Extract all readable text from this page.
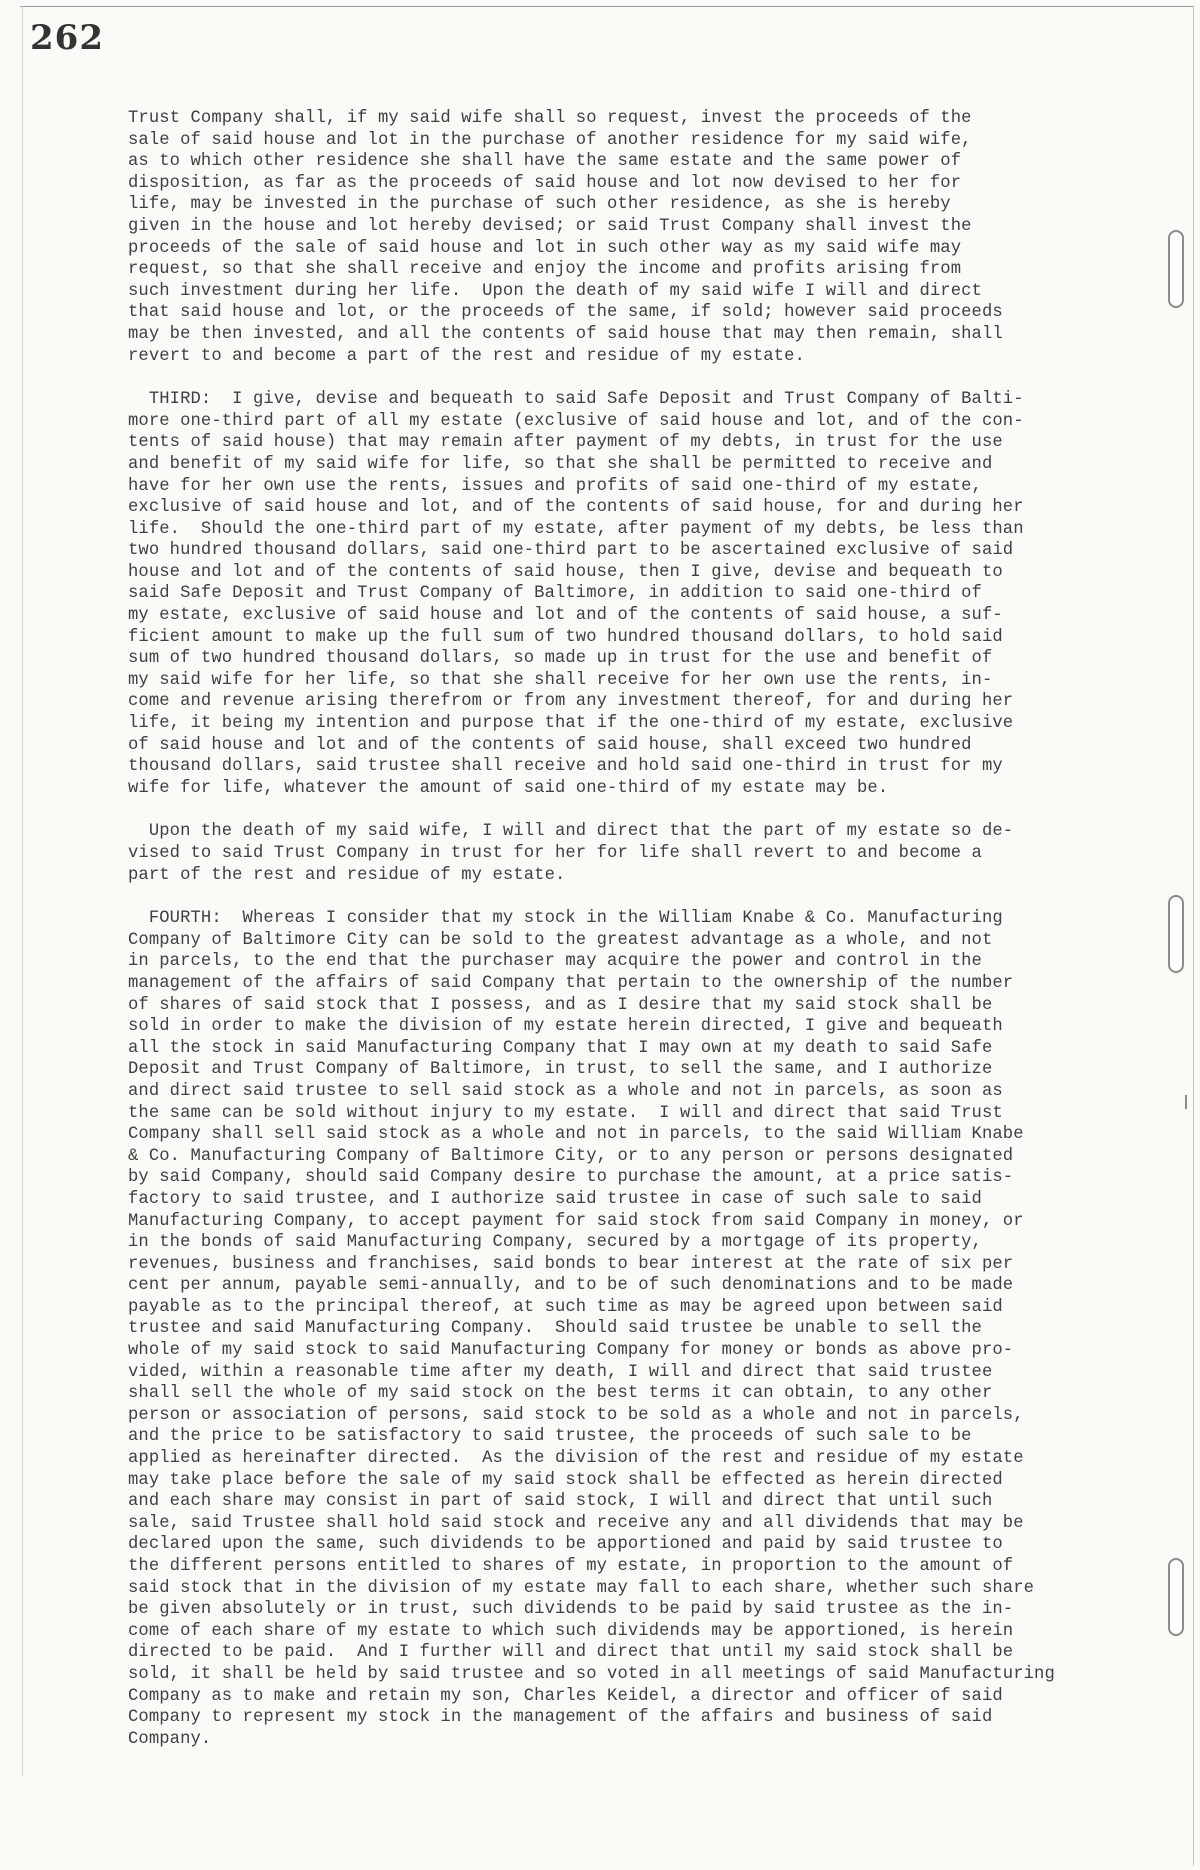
262
Trust Company shall, if my said wife shall so request, invest the proceeds of the
sale of said house and lot in the purchase of another residence for my said wife,
as to which other residence she shall have the same estate and the same power of
disposition, as far as the proceeds of said house and lot now devised to her for
life, may be invested in the purchase of such other residence, as she is hereby
given in the house and lot hereby devised; or said Trust Company shall invest the
proceeds of the sale of said house and lot in such other way as my said wife may
request, so that she shall receive and enjoy the income and profits arising from
such investment during her life.  Upon the death of my said wife I will and direct
that said house and lot, or the proceeds of the same, if sold; however said proceeds
may be then invested, and all the contents of said house that may then remain, shall
revert to and become a part of the rest and residue of my estate.
THIRD:  I give, devise and bequeath to said Safe Deposit and Trust Company of Balti-
more one-third part of all my estate (exclusive of said house and lot, and of the con-
tents of said house) that may remain after payment of my debts, in trust for the use
and benefit of my said wife for life, so that she shall be permitted to receive and
have for her own use the rents, issues and profits of said one-third of my estate,
exclusive of said house and lot, and of the contents of said house, for and during her
life.  Should the one-third part of my estate, after payment of my debts, be less than
two hundred thousand dollars, said one-third part to be ascertained exclusive of said
house and lot and of the contents of said house, then I give, devise and bequeath to
said Safe Deposit and Trust Company of Baltimore, in addition to said one-third of
my estate, exclusive of said house and lot and of the contents of said house, a suf-
ficient amount to make up the full sum of two hundred thousand dollars, to hold said
sum of two hundred thousand dollars, so made up in trust for the use and benefit of
my said wife for her life, so that she shall receive for her own use the rents, in-
come and revenue arising therefrom or from any investment thereof, for and during her
life, it being my intention and purpose that if the one-third of my estate, exclusive
of said house and lot and of the contents of said house, shall exceed two hundred
thousand dollars, said trustee shall receive and hold said one-third in trust for my
wife for life, whatever the amount of said one-third of my estate may be.
Upon the death of my said wife, I will and direct that the part of my estate so de-
vised to said Trust Company in trust for her for life shall revert to and become a
part of the rest and residue of my estate.
FOURTH:  Whereas I consider that my stock in the William Knabe & Co. Manufacturing
Company of Baltimore City can be sold to the greatest advantage as a whole, and not
in parcels, to the end that the purchaser may acquire the power and control in the
management of the affairs of said Company that pertain to the ownership of the number
of shares of said stock that I possess, and as I desire that my said stock shall be
sold in order to make the division of my estate herein directed, I give and bequeath
all the stock in said Manufacturing Company that I may own at my death to said Safe
Deposit and Trust Company of Baltimore, in trust, to sell the same, and I authorize
and direct said trustee to sell said stock as a whole and not in parcels, as soon as
the same can be sold without injury to my estate.  I will and direct that said Trust
Company shall sell said stock as a whole and not in parcels, to the said William Knabe
& Co. Manufacturing Company of Baltimore City, or to any person or persons designated
by said Company, should said Company desire to purchase the amount, at a price satis-
factory to said trustee, and I authorize said trustee in case of such sale to said
Manufacturing Company, to accept payment for said stock from said Company in money, or
in the bonds of said Manufacturing Company, secured by a mortgage of its property,
revenues, business and franchises, said bonds to bear interest at the rate of six per
cent per annum, payable semi-annually, and to be of such denominations and to be made
payable as to the principal thereof, at such time as may be agreed upon between said
trustee and said Manufacturing Company.  Should said trustee be unable to sell the
whole of my said stock to said Manufacturing Company for money or bonds as above pro-
vided, within a reasonable time after my death, I will and direct that said trustee
shall sell the whole of my said stock on the best terms it can obtain, to any other
person or association of persons, said stock to be sold as a whole and not in parcels,
and the price to be satisfactory to said trustee, the proceeds of such sale to be
applied as hereinafter directed.  As the division of the rest and residue of my estate
may take place before the sale of my said stock shall be effected as herein directed
and each share may consist in part of said stock, I will and direct that until such
sale, said Trustee shall hold said stock and receive any and all dividends that may be
declared upon the same, such dividends to be apportioned and paid by said trustee to
the different persons entitled to shares of my estate, in proportion to the amount of
said stock that in the division of my estate may fall to each share, whether such share
be given absolutely or in trust, such dividends to be paid by said trustee as the in-
come of each share of my estate to which such dividends may be apportioned, is herein
directed to be paid.  And I further will and direct that until my said stock shall be
sold, it shall be held by said trustee and so voted in all meetings of said Manufacturing
Company as to make and retain my son, Charles Keidel, a director and officer of said
Company to represent my stock in the management of the affairs and business of said
Company.
